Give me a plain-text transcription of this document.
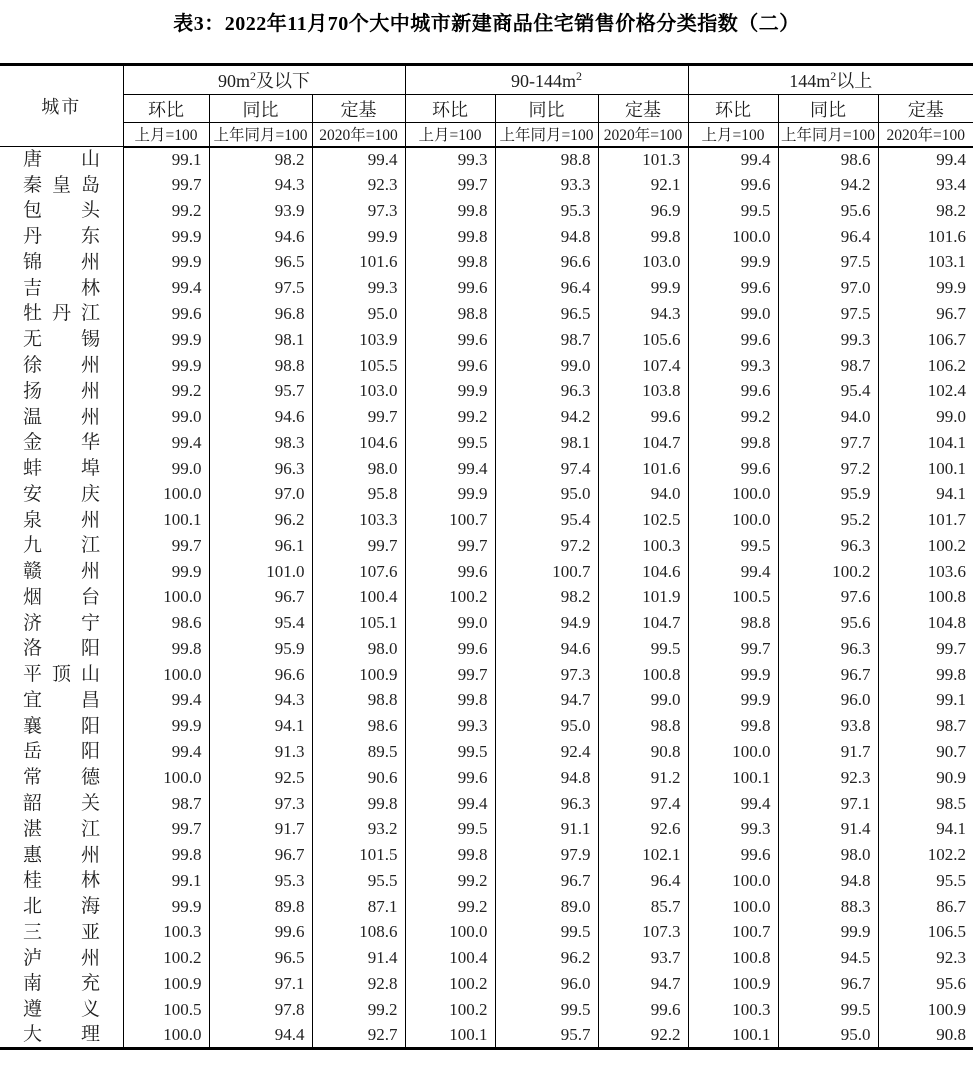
表3：2022年11月70个大中城市新建商品住宅销售价格分类指数（二）
城市	$90m^2$及以下			$90-144m^2$			$144m^2$以上		
	环比	同比	定基	环比	同比	定基	环比	同比	定基
	上月=100	上年同月=100	2020年=100	上月=100	上年同月=100	2020年=100	上月=100	上年同月=100	2020年=100

唐 山	99.1	98.2	99.4	99.3	98.8	101.3	99.4	98.6	99.4

秦 皇 岛	99.7	94.3	92.3	99.7	93.3	92.1	99.6	94.2	93.4

包 头	99.2	93.9	97.3	99.8	95.3	96.9	99.5	95.6	98.2

丹 东	99.9	94.6	99.9	99.8	94.8	99.8	100.0	96.4	101.6

锦 州	99.9	96.5	101.6	99.8	96.6	103.0	99.9	97.5	103.1

吉 林	99.4	97.5	99.3	99.6	96.4	99.9	99.6	97.0	99.9

牡 丹 江	99.6	96.8	95.0	98.8	96.5	94.3	99.0	97.5	96.7

无 锡	99.9	98.1	103.9	99.6	98.7	105.6	99.6	99.3	106.7

徐 州	99.9	98.8	105.5	99.6	99.0	107.4	99.3	98.7	106.2

扬 州	99.2	95.7	103.0	99.9	96.3	103.8	99.6	95.4	102.4

温 州	99.0	94.6	99.7	99.2	94.2	99.6	99.2	94.0	99.0

金 华	99.4	98.3	104.6	99.5	98.1	104.7	99.8	97.7	104.1

蚌 埠	99.0	96.3	98.0	99.4	97.4	101.6	99.6	97.2	100.1

安 庆	100.0	97.0	95.8	99.9	95.0	94.0	100.0	95.9	94.1

泉 州	100.1	96.2	103.3	100.7	95.4	102.5	100.0	95.2	101.7

九 江	99.7	96.1	99.7	99.7	97.2	100.3	99.5	96.3	100.2

赣 州	99.9	101.0	107.6	99.6	100.7	104.6	99.4	100.2	103.6

烟 台	100.0	96.7	100.4	100.2	98.2	101.9	100.5	97.6	100.8

济 宁	98.6	95.4	105.1	99.0	94.9	104.7	98.8	95.6	104.8

洛 阳	99.8	95.9	98.0	99.6	94.6	99.5	99.7	96.3	99.7

平 顶 山	100.0	96.6	100.9	99.7	97.3	100.8	99.9	96.7	99.8

宜 昌	99.4	94.3	98.8	99.8	94.7	99.0	99.9	96.0	99.1

襄 阳	99.9	94.1	98.6	99.3	95.0	98.8	99.8	93.8	98.7

岳 阳	99.4	91.3	89.5	99.5	92.4	90.8	100.0	91.7	90.7

常 德	100.0	92.5	90.6	99.6	94.8	91.2	100.1	92.3	90.9

韶 关	98.7	97.3	99.8	99.4	96.3	97.4	99.4	97.1	98.5

湛 江	99.7	91.7	93.2	99.5	91.1	92.6	99.3	91.4	94.1

惠 州	99.8	96.7	101.5	99.8	97.9	102.1	99.6	98.0	102.2

桂 林	99.1	95.3	95.5	99.2	96.7	96.4	100.0	94.8	95.5

北 海	99.9	89.8	87.1	99.2	89.0	85.7	100.0	88.3	86.7

三 亚	100.3	99.6	108.6	100.0	99.5	107.3	100.7	99.9	106.5

泸 州	100.2	96.5	91.4	100.4	96.2	93.7	100.8	94.5	92.3

南 充	100.9	97.1	92.8	100.2	96.0	94.7	100.9	96.7	95.6

遵 义	100.5	97.8	99.2	100.2	99.5	99.6	100.3	99.5	100.9

大 理	100.0	94.4	92.7	100.1	95.7	92.2	100.1	95.0	90.8
